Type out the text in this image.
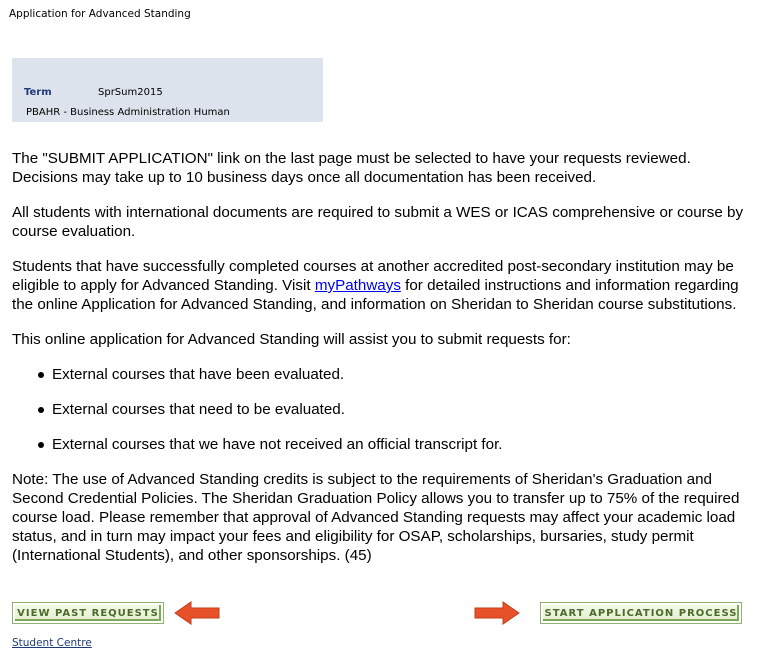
Application for Advanced Standing
Term	SprSum2015
PBAHR - Business Administration Human

The "SUBMIT APPLICATION" link on the last page must be selected to have your requests reviewed. Decisions may take up to 10 business days once all documentation has been received.

All students with international documents are required to submit a WES or ICAS comprehensive or course by course evaluation.

Students that have successfully completed courses at another accredited post-secondary institution may be eligible to apply for Advanced Standing. Visit myPathways for detailed instructions and information regarding the online Application for Advanced Standing, and information on Sheridan to Sheridan course substitutions.

This online application for Advanced Standing will assist you to submit requests for:

External courses that have been evaluated.
External courses that need to be evaluated.
External courses that we have not received an official transcript for.

Note: The use of Advanced Standing credits is subject to the requirements of Sheridan's Graduation and Second Credential Policies. The Sheridan Graduation Policy allows you to transfer up to 75% of the required course load. Please remember that approval of Advanced Standing requests may affect your academic load status, and in turn may impact your fees and eligibility for OSAP, scholarships, bursaries, study permit (International Students), and other sponsorships. (45)

VIEW PAST REQUESTS	START APPLICATION PROCESS
Student Centre
